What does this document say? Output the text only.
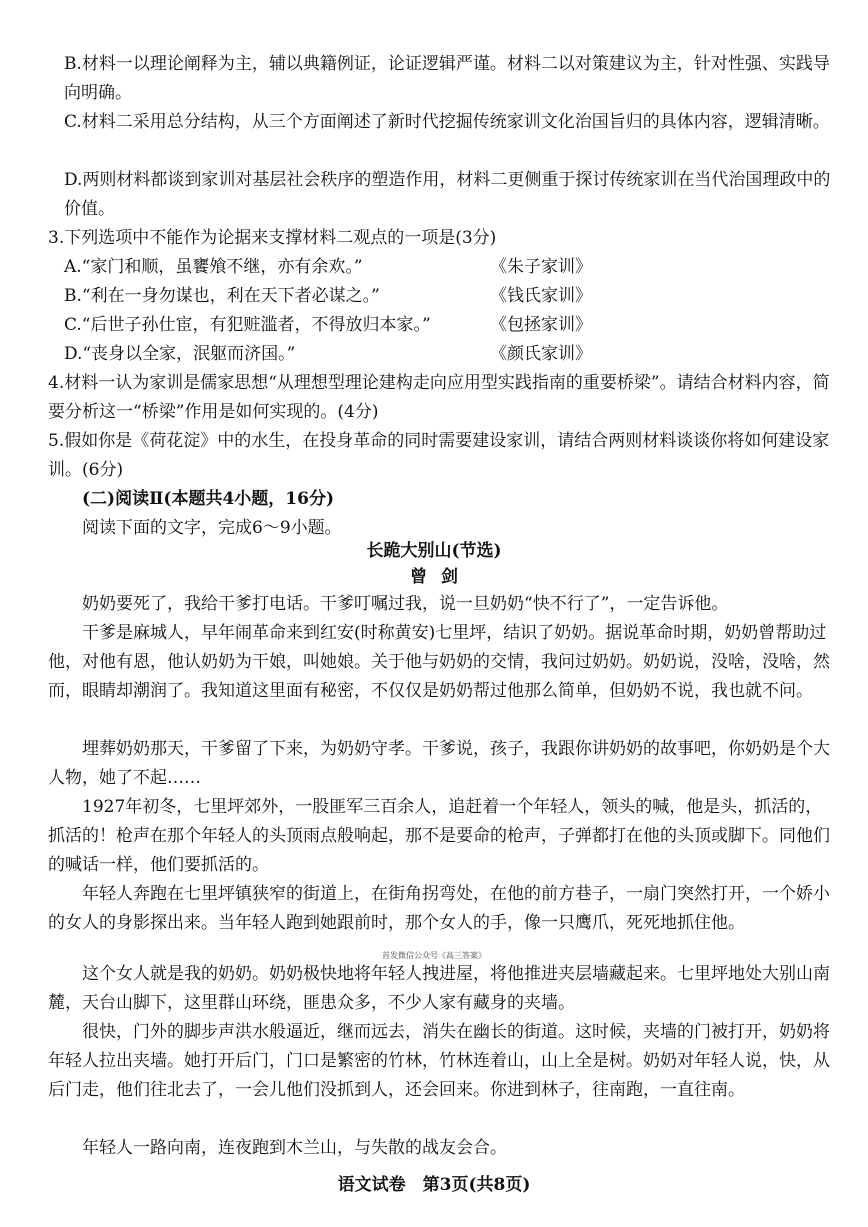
B.材料一以理论阐释为主，辅以典籍例证，论证逻辑严谨。材料二以对策建议为主，针对性强、实践导向明确。
C.材料二采用总分结构，从三个方面阐述了新时代挖掘传统家训文化治国旨归的具体内容，逻辑清晰。
D.两则材料都谈到家训对基层社会秩序的塑造作用，材料二更侧重于探讨传统家训在当代治国理政中的价值。
3.下列选项中不能作为论据来支撑材料二观点的一项是(3分)
A.“家门和顺，虽饔飧不继，亦有余欢。”	《朱子家训》
B.“利在一身勿谋也，利在天下者必谋之。”	《钱氏家训》
C.“后世子孙仕宦，有犯赃滥者，不得放归本家。”	《包拯家训》
D.“丧身以全家，泯躯而济国。”	《颜氏家训》
4.材料一认为家训是儒家思想“从理想型理论建构走向应用型实践指南的重要桥梁”。请结合材料内容，简要分析这一“桥梁”作用是如何实现的。(4分)
5.假如你是《荷花淀》中的水生，在投身革命的同时需要建设家训，请结合两则材料谈谈你将如何建设家训。(6分)
(二)阅读Ⅱ(本题共4小题，16分)
阅读下面的文字，完成6～9小题。
长跪大别山(节选)
曾剑
奶奶要死了，我给干爹打电话。干爹叮嘱过我，说一旦奶奶“快不行了”，一定告诉他。
干爹是麻城人，早年闹革命来到红安(时称黄安)七里坪，结识了奶奶。据说革命时期，奶奶曾帮助过他，对他有恩，他认奶奶为干娘，叫她娘。关于他与奶奶的交情，我问过奶奶。奶奶说，没啥，没啥，然而，眼睛却潮润了。我知道这里面有秘密，不仅仅是奶奶帮过他那么简单，但奶奶不说，我也就不问。
埋葬奶奶那天，干爹留了下来，为奶奶守孝。干爹说，孩子，我跟你讲奶奶的故事吧，你奶奶是个大人物，她了不起……
1927年初冬，七里坪郊外，一股匪军三百余人，追赶着一个年轻人，领头的喊，他是头，抓活的，抓活的！枪声在那个年轻人的头顶雨点般响起，那不是要命的枪声，子弹都打在他的头顶或脚下。同他们的喊话一样，他们要抓活的。
年轻人奔跑在七里坪镇狭窄的街道上，在街角拐弯处，在他的前方巷子，一扇门突然打开，一个娇小的女人的身影探出来。当年轻人跑到她跟前时，那个女人的手，像一只鹰爪，死死地抓住他。
首发微信公众号《高三答案》
这个女人就是我的奶奶。奶奶极快地将年轻人拽进屋，将他推进夹层墙藏起来。七里坪地处大别山南麓，天台山脚下，这里群山环绕，匪患众多，不少人家有藏身的夹墙。
很快，门外的脚步声洪水般逼近，继而远去，消失在幽长的街道。这时候，夹墙的门被打开，奶奶将年轻人拉出夹墙。她打开后门，门口是繁密的竹林，竹林连着山，山上全是树。奶奶对年轻人说，快，从后门走，他们往北去了，一会儿他们没抓到人，还会回来。你进到林子，往南跑，一直往南。
年轻人一路向南，连夜跑到木兰山，与失散的战友会合。
语文试卷　第3页(共8页)
